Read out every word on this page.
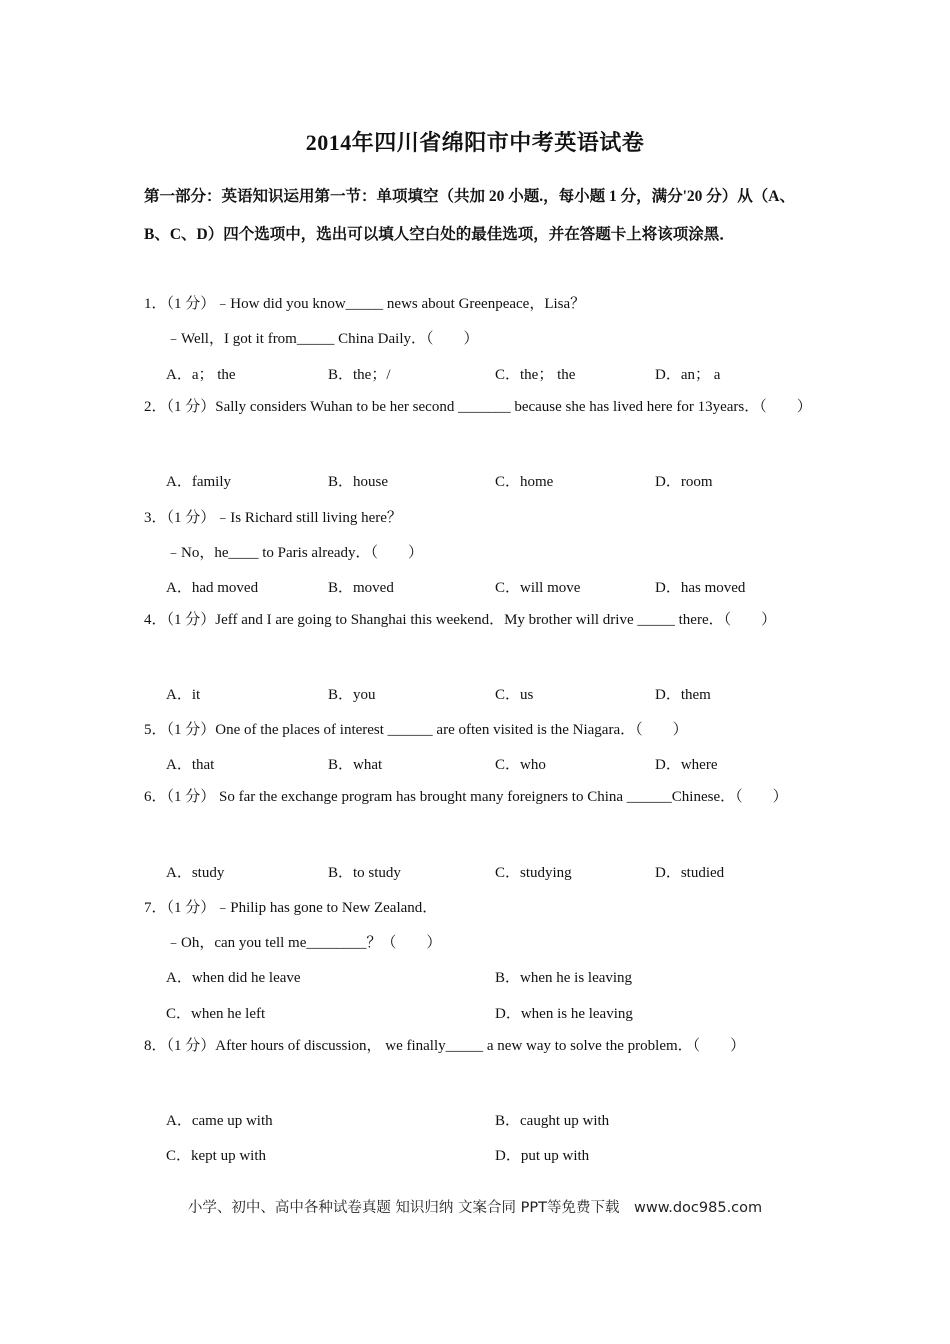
2014年四川省绵阳市中考英语试卷
第一部分：英语知识运用第一节：单项填空（共加 20 小题.，每小题 1 分，满分'20 分）从（A、B、C、D）四个选项中，选出可以填人空白处的最佳选项，并在答题卡上将该项涂黑．
1．（1 分）﹣How did you know_____ news about Greenpeace，Lisa？
﹣Well，I got it from_____ China Daily．（　　）
A．a； the	B．the；/	C．the； the	D．an； a
2．（1 分）Sally considers Wuhan to be her second _______ because she has lived here for 13years．（　　）
A．family	B．house	C．home	D．room
3．（1 分）﹣Is Richard still living here？
﹣No，he____ to Paris already．（　　）
A．had moved	B．moved	C．will move	D．has moved
4．（1 分）Jeff and I are going to Shanghai this weekend．My brother will drive _____ there．（　　）
A．it	B．you	C．us	D．them
5．（1 分）One of the places of interest ______ are often visited is the Niagara．（　　）
A．that	B．what	C．who	D．where
6．（1 分） So far the exchange program has brought many foreigners to China ______Chinese．（　　）
A．study	B．to study	C．studying	D．studied
7．（1 分）﹣Philip has gone to New Zealand．
﹣Oh，can you tell me________？（　　）
A．when did he leave	B．when he is leaving
C．when he left	D．when is he leaving
8．（1 分）After hours of discussion， we finally_____ a new way to solve the problem．（　　）
A．came up with	B．caught up with
C．kept up with	D．put up with
小学、初中、高中各种试卷真题 知识归纳 文案合同 PPT等免费下载　www.doc985.com
